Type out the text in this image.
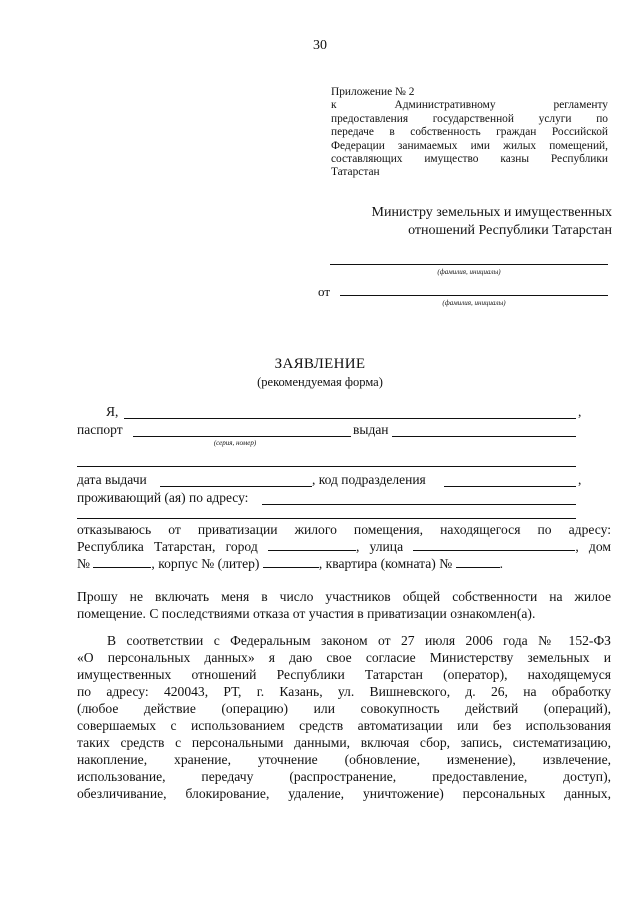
30
Приложение № 2
к Административному регламенту
предоставления государственной услуги по
передаче в собственность граждан Российской
Федерации занимаемых ими жилых помещений,
составляющих имущество казны Республики
Татарстан
Министру земельных и имущественных
отношений Республики Татарстан
(фамилия, инициалы)
от
(фамилия, инициалы)
ЗАЯВЛЕНИЕ
(рекомендуемая форма)
Я,	,
паспорт
(серия, номер)
выдан
дата выдачи	, код подразделения	,
проживающий (ая) по адресу:
отказываюсь от приватизации жилого помещения, находящегося по адресу:
Республика Татарстан, город	, улица	, дом
№	, корпус № (литер)	, квартира (комната) №	.
Прошу не включать меня в число участников общей собственности на жилое
помещение. С последствиями отказа от участия в приватизации ознакомлен(а).
В соответствии с Федеральным законом от 27 июля 2006 года № 152-ФЗ
«О персональных данных» я даю свое согласие Министерству земельных и
имущественных отношений Республики Татарстан (оператор), находящемуся
по адресу: 420043, РТ, г. Казань, ул. Вишневского, д. 26, на обработку
(любое действие (операцию) или совокупность действий (операций),
совершаемых с использованием средств автоматизации или без использования
таких средств с персональными данными, включая сбор, запись, систематизацию,
накопление, хранение, уточнение (обновление, изменение), извлечение,
использование, передачу (распространение, предоставление, доступ),
обезличивание, блокирование, удаление, уничтожение) персональных данных,
